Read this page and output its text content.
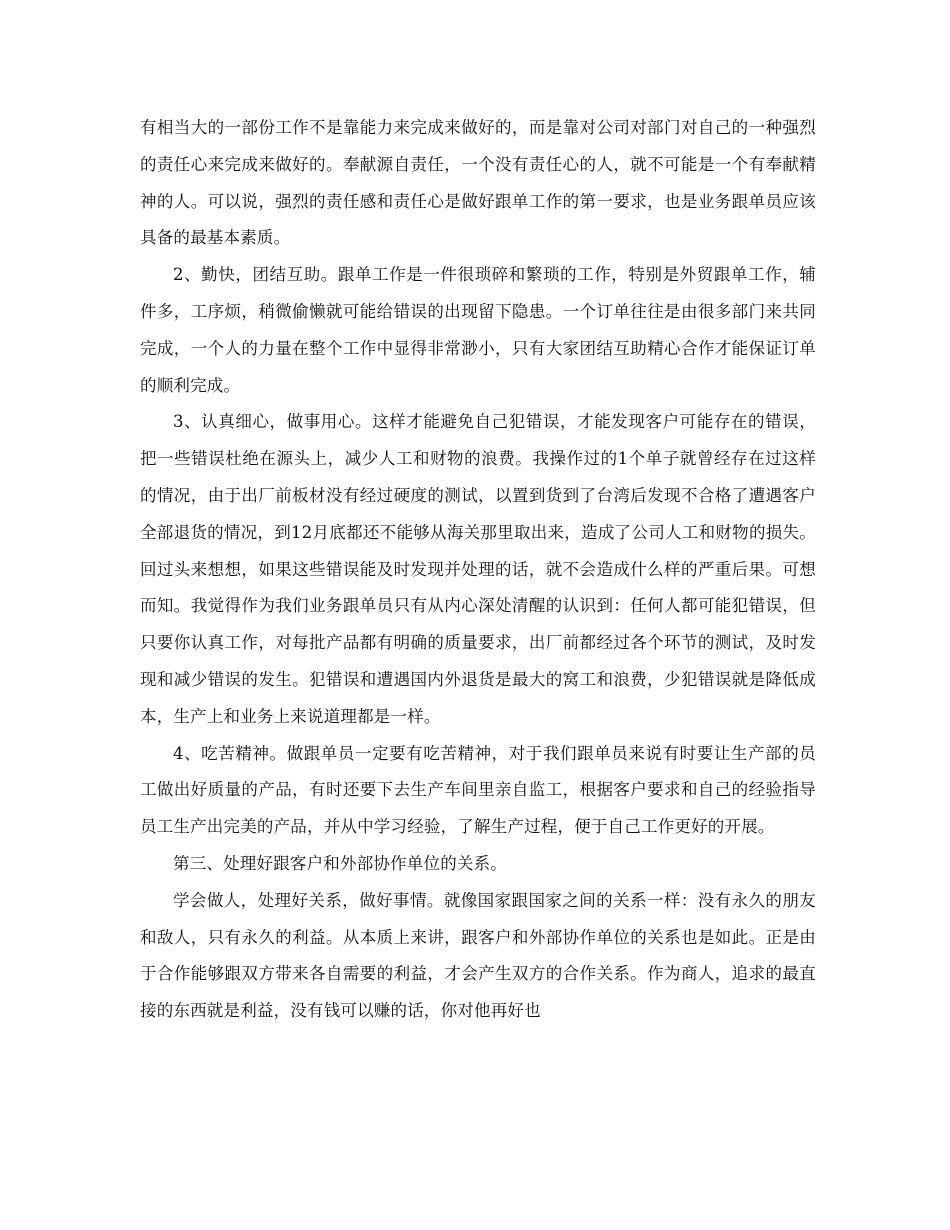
有相当大的一部份工作不是靠能力来完成来做好的，而是靠对公司对部门对自己的一种强烈的责任心来完成来做好的。奉献源自责任，一个没有责任心的人，就不可能是一个有奉献精神的人。可以说，强烈的责任感和责任心是做好跟单工作的第一要求，也是业务跟单员应该具备的最基本素质。

2、勤快，团结互助。跟单工作是一件很琐碎和繁琐的工作，特别是外贸跟单工作，辅件多，工序烦，稍微偷懒就可能给错误的出现留下隐患。一个订单往往是由很多部门来共同完成，一个人的力量在整个工作中显得非常渺小，只有大家团结互助精心合作才能保证订单的顺利完成。

3、认真细心，做事用心。这样才能避免自己犯错误，才能发现客户可能存在的错误，把一些错误杜绝在源头上，减少人工和财物的浪费。我操作过的1个单子就曾经存在过这样的情况，由于出厂前板材没有经过硬度的测试，以置到货到了台湾后发现不合格了遭遇客户全部退货的情况，到12月底都还不能够从海关那里取出来，造成了公司人工和财物的损失。回过头来想想，如果这些错误能及时发现并处理的话，就不会造成什么样的严重后果。可想而知。我觉得作为我们业务跟单员只有从内心深处清醒的认识到：任何人都可能犯错误，但只要你认真工作，对每批产品都有明确的质量要求，出厂前都经过各个环节的测试，及时发现和减少错误的发生。犯错误和遭遇国内外退货是最大的窝工和浪费，少犯错误就是降低成本，生产上和业务上来说道理都是一样。

4、吃苦精神。做跟单员一定要有吃苦精神，对于我们跟单员来说有时要让生产部的员工做出好质量的产品，有时还要下去生产车间里亲自监工，根据客户要求和自己的经验指导员工生产出完美的产品，并从中学习经验，了解生产过程，便于自己工作更好的开展。

第三、处理好跟客户和外部协作单位的关系。

学会做人，处理好关系，做好事情。就像国家跟国家之间的关系一样：没有永久的朋友和敌人，只有永久的利益。从本质上来讲，跟客户和外部协作单位的关系也是如此。正是由于合作能够跟双方带来各自需要的利益，才会产生双方的合作关系。作为商人，追求的最直接的东西就是利益，没有钱可以赚的话，你对他再好也
